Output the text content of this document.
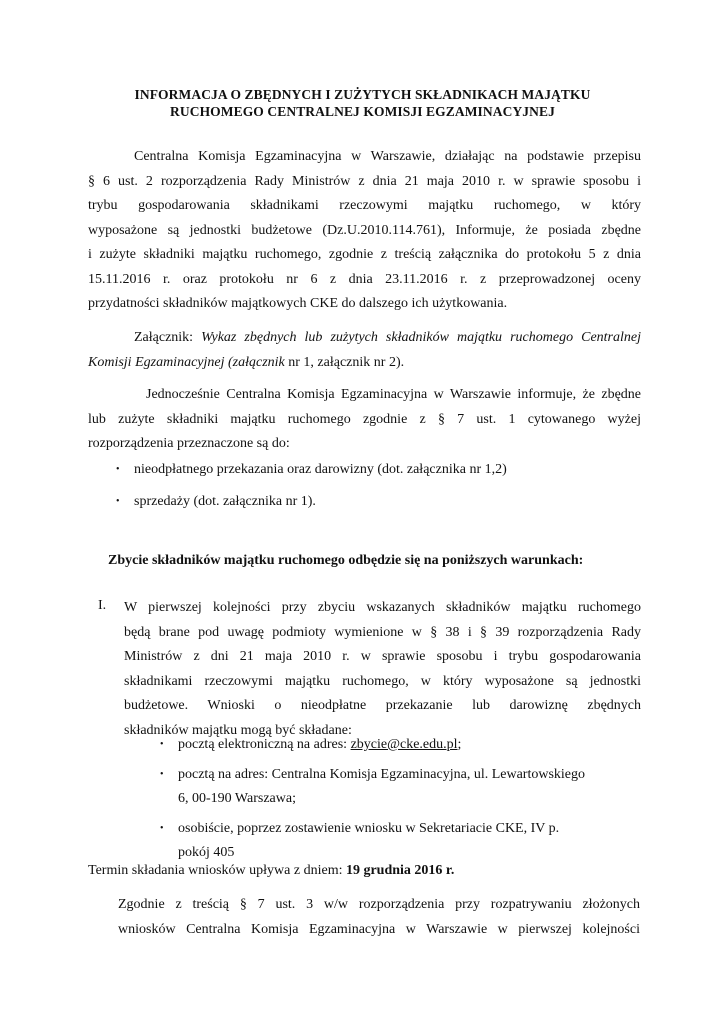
INFORMACJA O ZBĘDNYCH I ZUŻYTYCH SKŁADNIKACH MAJĄTKU
RUCHOMEGO CENTRALNEJ KOMISJI EGZAMINACYJNEJ
Centralna Komisja Egzaminacyjna w Warszawie, działając na podstawie przepisu
§ 6 ust. 2 rozporządzenia Rady Ministrów z dnia 21 maja 2010 r. w sprawie sposobu i
trybu gospodarowania składnikami rzeczowymi majątku ruchomego, w który
wyposażone są jednostki budżetowe (Dz.U.2010.114.761), Informuje, że posiada zbędne
i zużyte składniki majątku ruchomego, zgodnie z treścią załącznika do protokołu 5 z dnia
15.11.2016 r. oraz protokołu nr 6 z dnia 23.11.2016 r. z przeprowadzonej oceny
przydatności składników majątkowych CKE do dalszego ich użytkowania.
Załącznik: Wykaz zbędnych lub zużytych składników majątku ruchomego Centralnej
Komisji Egzaminacyjnej (załącznik nr 1, załącznik nr 2).
Jednocześnie Centralna Komisja Egzaminacyjna w Warszawie informuje, że zbędne
lub zużyte składniki majątku ruchomego zgodnie z § 7 ust. 1 cytowanego wyżej
rozporządzenia przeznaczone są do:
• nieodpłatnego przekazania oraz darowizny (dot. załącznika nr 1,2)
• sprzedaży (dot. załącznika nr 1).
Zbycie składników majątku ruchomego odbędzie się na poniższych warunkach:
I. W pierwszej kolejności przy zbyciu wskazanych składników majątku ruchomego
będą brane pod uwagę podmioty wymienione w § 38 i § 39 rozporządzenia Rady
Ministrów z dni 21 maja 2010 r. w sprawie sposobu i trybu gospodarowania
składnikami rzeczowymi majątku ruchomego, w który wyposażone są jednostki
budżetowe. Wnioski o nieodpłatne przekazanie lub darowiznę zbędnych
składników majątku mogą być składane:
• pocztą elektroniczną na adres: zbycie@cke.edu.pl;
• pocztą na adres: Centralna Komisja Egzaminacyjna, ul. Lewartowskiego
6, 00-190 Warszawa;
• osobiście, poprzez zostawienie wniosku w Sekretariacie CKE, IV p.
pokój 405
Termin składania wniosków upływa z dniem: 19 grudnia 2016 r.
Zgodnie z treścią § 7 ust. 3 w/w rozporządzenia przy rozpatrywaniu złożonych
wniosków Centralna Komisja Egzaminacyjna w Warszawie w pierwszej kolejności
